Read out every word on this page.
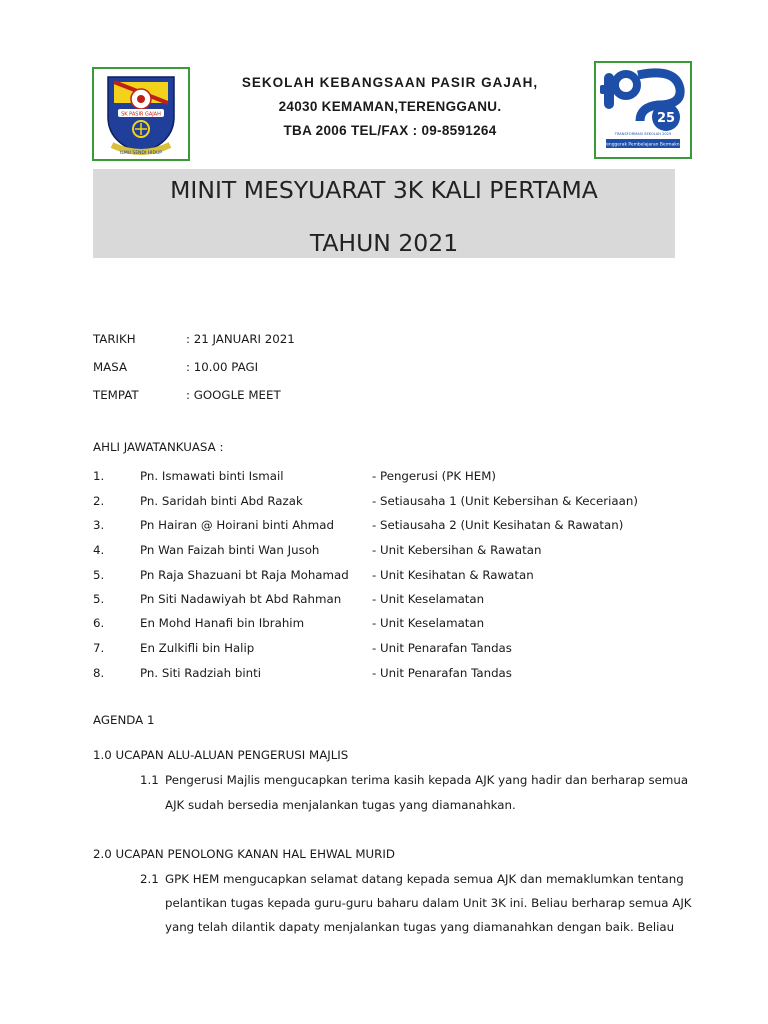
SK PASIR GAJAH
ILMU SENDI HIDUP
SEKOLAH KEBANGSAAN PASIR GAJAH,
24030 KEMAMAN,TERENGGANU.
TBA 2006 TEL/FAX : 09-8591264
25
TRANSFORMASI SEKOLAH 2025
Penggerak Pembelajaran Bermakna
MINIT MESYUARAT 3K KALI PERTAMA
TAHUN 2021
TARIKH	: 21 JANUARI 2021
MASA	: 10.00 PAGI
TEMPAT	: GOOGLE MEET
AHLI JAWATANKUASA :
1.	Pn. Ismawati binti Ismail	- Pengerusi (PK HEM)
2.	Pn. Saridah binti Abd Razak	- Setiausaha 1 (Unit Kebersihan & Keceriaan)
3.	Pn Hairan @ Hoirani binti Ahmad	- Setiausaha 2 (Unit Kesihatan & Rawatan)
4.	Pn Wan Faizah binti Wan Jusoh	- Unit Kebersihan & Rawatan
5.	Pn Raja Shazuani bt Raja Mohamad - Unit Kesihatan & Rawatan
5.	Pn Siti Nadawiyah bt Abd Rahman	- Unit Keselamatan
6.	En Mohd Hanafi bin Ibrahim	- Unit Keselamatan
7.	En Zulkifli bin Halip	- Unit Penarafan Tandas
8.	Pn. Siti Radziah binti	- Unit Penarafan Tandas
AGENDA 1
1.0 UCAPAN ALU-ALUAN PENGERUSI MAJLIS
1.1 Pengerusi Majlis mengucapkan terima kasih kepada AJK yang hadir dan berharap semua
AJK sudah bersedia menjalankan tugas yang diamanahkan.
2.0 UCAPAN PENOLONG KANAN HAL EHWAL MURID
2.1 GPK HEM mengucapkan selamat datang kepada semua AJK dan memaklumkan tentang
pelantikan tugas kepada guru-guru baharu dalam Unit 3K ini. Beliau berharap semua AJK
yang telah dilantik dapaty menjalankan tugas yang diamanahkan dengan baik. Beliau
